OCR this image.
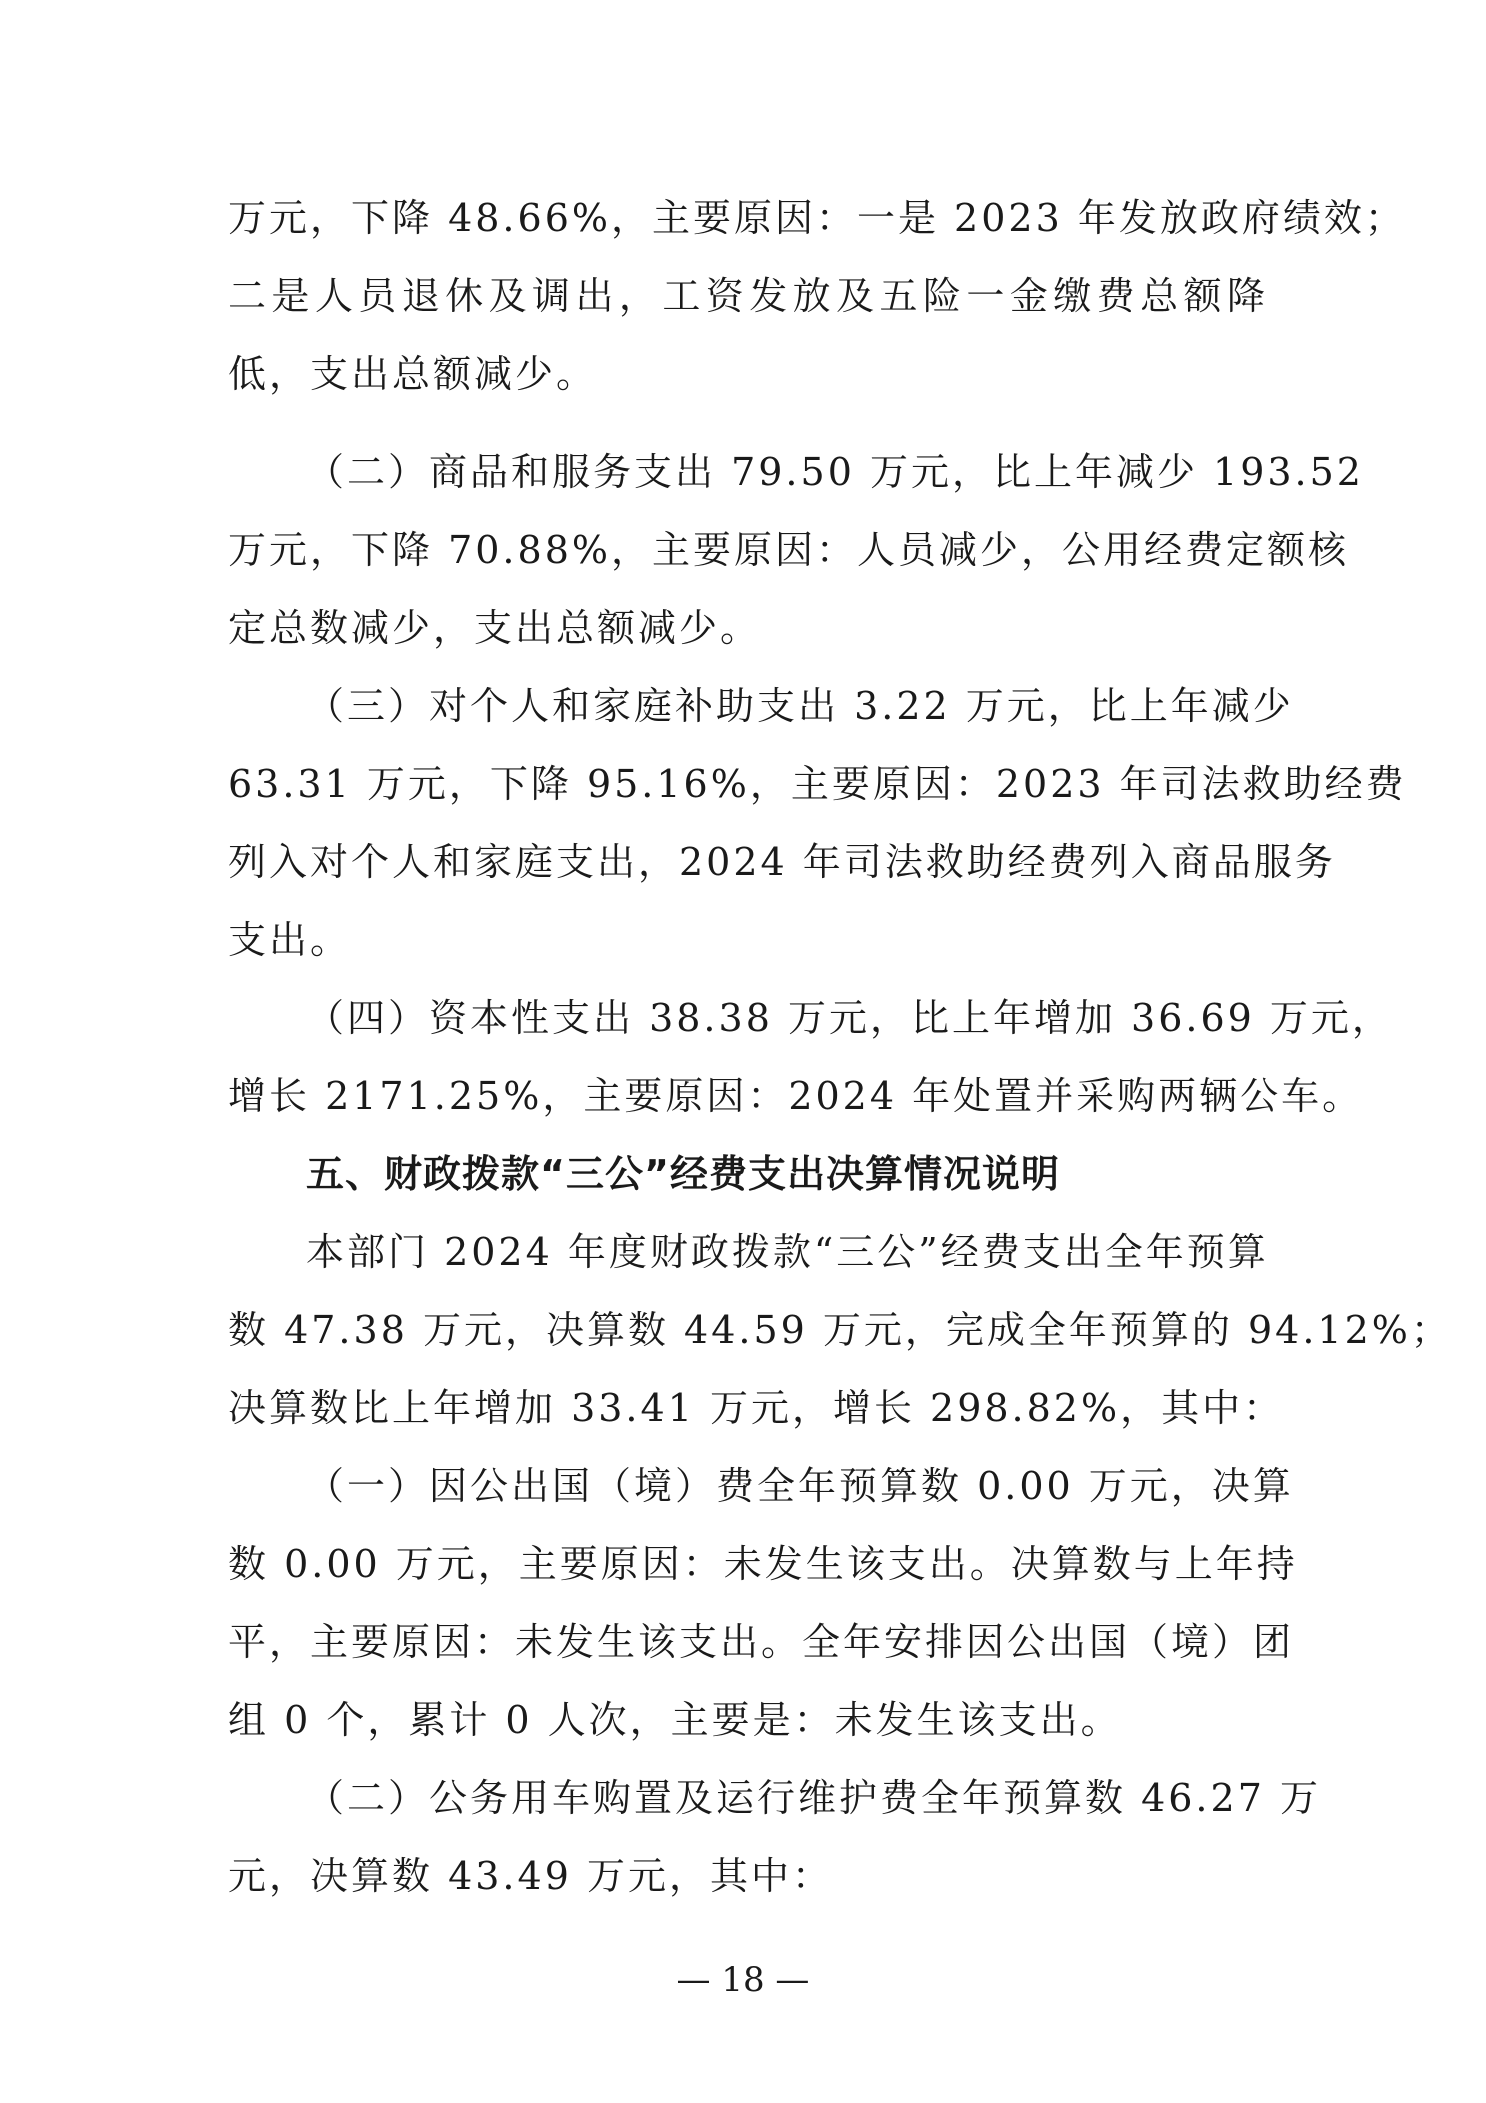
万元，下降 48.66%，主要原因：一是 2023 年发放政府绩效；
二是人员退休及调出，工资发放及五险一金缴费总额降
低，支出总额减少。
（二）商品和服务支出 79.50 万元，比上年减少 193.52
万元，下降 70.88%，主要原因：人员减少，公用经费定额核
定总数减少，支出总额减少。
（三）对个人和家庭补助支出 3.22 万元，比上年减少
63.31 万元，下降 95.16%，主要原因：2023 年司法救助经费
列入对个人和家庭支出，2024 年司法救助经费列入商品服务
支出。
（四）资本性支出 38.38 万元，比上年增加 36.69 万元，
增长 2171.25%，主要原因：2024 年处置并采购两辆公车。
五、财政拨款“三公”经费支出决算情况说明
本部门 2024 年度财政拨款“三公”经费支出全年预算
数 47.38 万元，决算数 44.59 万元，完成全年预算的 94.12%；
决算数比上年增加 33.41 万元，增长 298.82%，其中：
（一）因公出国（境）费全年预算数 0.00 万元，决算
数 0.00 万元，主要原因：未发生该支出。决算数与上年持
平，主要原因：未发生该支出。全年安排因公出国（境）团
组 0 个，累计 0 人次，主要是：未发生该支出。
（二）公务用车购置及运行维护费全年预算数 46.27 万
元，决算数 43.49 万元，其中：
— 18 —
